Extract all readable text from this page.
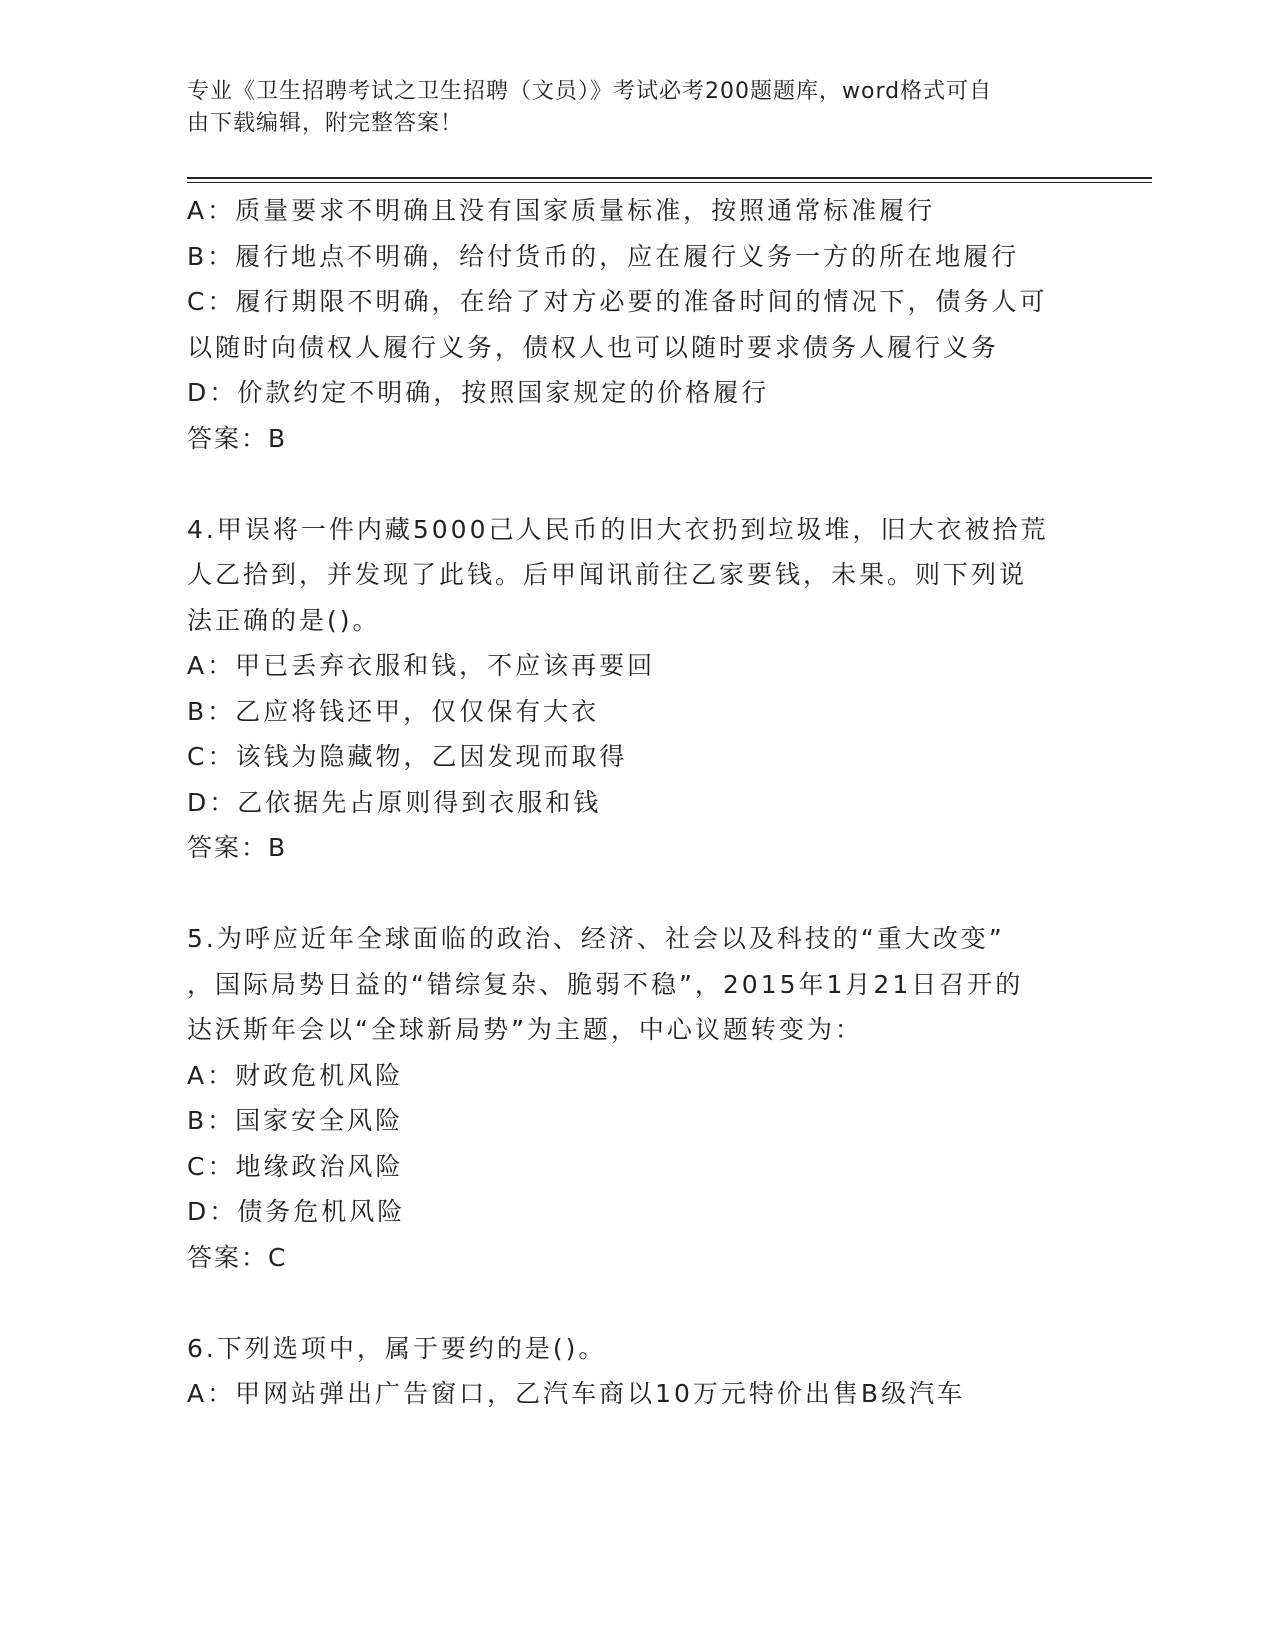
专业《卫生招聘考试之卫生招聘（文员）》考试必考200题题库，word格式可自
由下载编辑，附完整答案！
A：质量要求不明确且没有国家质量标准，按照通常标准履行
B：履行地点不明确，给付货币的，应在履行义务一方的所在地履行
C：履行期限不明确，在给了对方必要的准备时间的情况下，债务人可
以随时向债权人履行义务，债权人也可以随时要求债务人履行义务
D：价款约定不明确，按照国家规定的价格履行
答案：B
4.甲误将一件内藏5000己人民币的旧大衣扔到垃圾堆，旧大衣被拾荒
人乙拾到，并发现了此钱。后甲闻讯前往乙家要钱，未果。则下列说
法正确的是()。
A：甲已丢弃衣服和钱，不应该再要回
B：乙应将钱还甲，仅仅保有大衣
C：该钱为隐藏物，乙因发现而取得
D：乙依据先占原则得到衣服和钱
答案：B
5.为呼应近年全球面临的政治、经济、社会以及科技的“重大改变”
，国际局势日益的“错综复杂、脆弱不稳”，2015年1月21日召开的
达沃斯年会以“全球新局势”为主题，中心议题转变为：
A：财政危机风险
B：国家安全风险
C：地缘政治风险
D：债务危机风险
答案：C
6.下列选项中，属于要约的是()。
A：甲网站弹出广告窗口，乙汽车商以10万元特价出售B级汽车
